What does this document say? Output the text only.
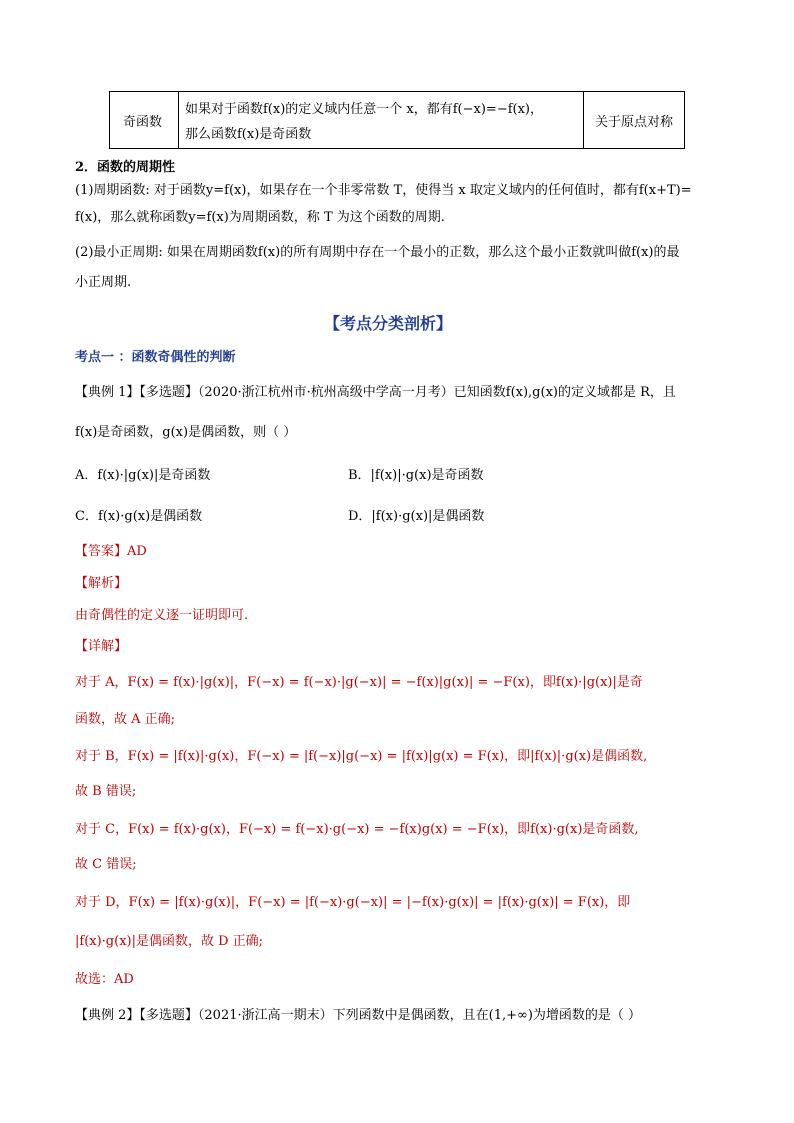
奇函数
如果对于函数f(x)的定义域内任意一个 x，都有f(−x)=−f(x)，
那么函数f(x)是奇函数
关于原点对称
2．函数的周期性
(1)周期函数: 对于函数y=f(x)，如果存在一个非零常数 T，使得当 x 取定义域内的任何值时，都有f(x+T)=
f(x)，那么就称函数y=f(x)为周期函数，称 T 为这个函数的周期.
(2)最小正周期: 如果在周期函数f(x)的所有周期中存在一个最小的正数，那么这个最小正数就叫做f(x)的最
小正周期.
【考点分类剖析】
考点一 ：函数奇偶性的判断
【典例 1】【多选题】（2020·浙江杭州市·杭州高级中学高一月考）已知函数f(x),g(x)的定义域都是 R，且
f(x)是奇函数，g(x)是偶函数，则（ ）
A．f(x)·|g(x)|是奇函数	B．|f(x)|·g(x)是奇函数
C．f(x)·g(x)是偶函数	D．|f(x)·g(x)|是偶函数
【答案】AD
【解析】
由奇偶性的定义逐一证明即可.
【详解】
对于 A，F(x) = f(x)·|g(x)|，F(−x) = f(−x)·|g(−x)| = −f(x)|g(x)| = −F(x)，即f(x)·|g(x)|是奇
函数，故 A 正确;
对于 B，F(x) = |f(x)|·g(x)，F(−x) = |f(−x)|g(−x) = |f(x)|g(x) = F(x)，即|f(x)|·g(x)是偶函数,
故 B 错误;
对于 C，F(x) = f(x)·g(x)，F(−x) = f(−x)·g(−x) = −f(x)g(x) = −F(x)，即f(x)·g(x)是奇函数,
故 C 错误;
对于 D，F(x) = |f(x)·g(x)|，F(−x) = |f(−x)·g(−x)| = |−f(x)·g(x)| = |f(x)·g(x)| = F(x)，即
|f(x)·g(x)|是偶函数，故 D 正确;
故选：AD
【典例 2】【多选题】（2021·浙江高一期末）下列函数中是偶函数，且在(1,+∞)为增函数的是（ ）
